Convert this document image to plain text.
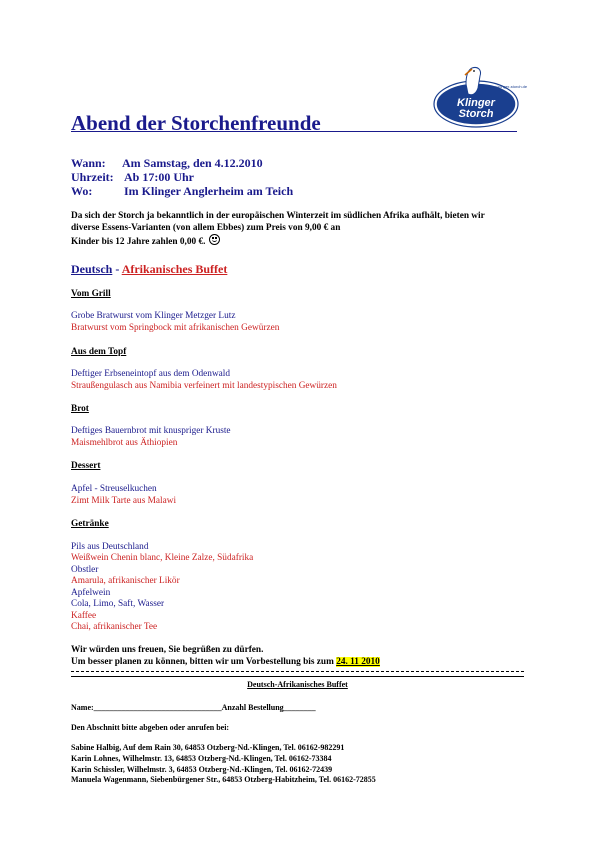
www.klinger-storch.de
Klinger
Storch
Abend der Storchenfreunde
Wann: Am Samstag, den 4.12.2010
Uhrzeit: Ab 17:00 Uhr
Wo:	Im Klinger Anglerheim am Teich
Da sich der Storch ja bekanntlich in der europäischen Winterzeit im südlichen Afrika aufhält, bieten wir
diverse Essens-Varianten (von allem Ebbes) zum Preis von 9,00 € an
Kinder bis 12 Jahre zahlen 0,00 €.
Deutsch - Afrikanisches Buffet
Vom Grill
Grobe Bratwurst vom Klinger Metzger Lutz
Bratwurst vom Springbock mit afrikanischen Gewürzen
Aus dem Topf
Deftiger Erbseneintopf aus dem Odenwald
Straußengulasch aus Namibia verfeinert mit landestypischen Gewürzen
Brot
Deftiges Bauernbrot mit knuspriger Kruste
Maismehlbrot aus Äthiopien
Dessert
Apfel - Streuselkuchen
Zimt Milk Tarte aus Malawi
Getränke
Pils aus Deutschland
Weißwein Chenin blanc, Kleine Zalze, Südafrika
Obstler
Amarula, afrikanischer Likör
Apfelwein
Cola, Limo, Saft, Wasser
Kaffee
Chai, afrikanischer Tee
Wir würden uns freuen, Sie begrüßen zu dürfen.
Um besser planen zu können, bitten wir um Vorbestellung bis zum 24. 11 2010
Deutsch-Afrikanisches Buffet
Name:________________________________Anzahl Bestellung________
Den Abschnitt bitte abgeben oder anrufen bei:
Sabine Halbig, Auf dem Rain 30, 64853 Otzberg-Nd.-Klingen, Tel. 06162-982291
Karin Lohnes, Wilhelmstr. 13, 64853 Otzberg-Nd.-Klingen, Tel. 06162-73384
Karin Schissler, Wilhelmstr. 3, 64853 Otzberg-Nd.-Klingen, Tel. 06162-72439
Manuela Wagenmann, Siebenbürgener Str., 64853 Otzberg-Habitzheim, Tel. 06162-72855
